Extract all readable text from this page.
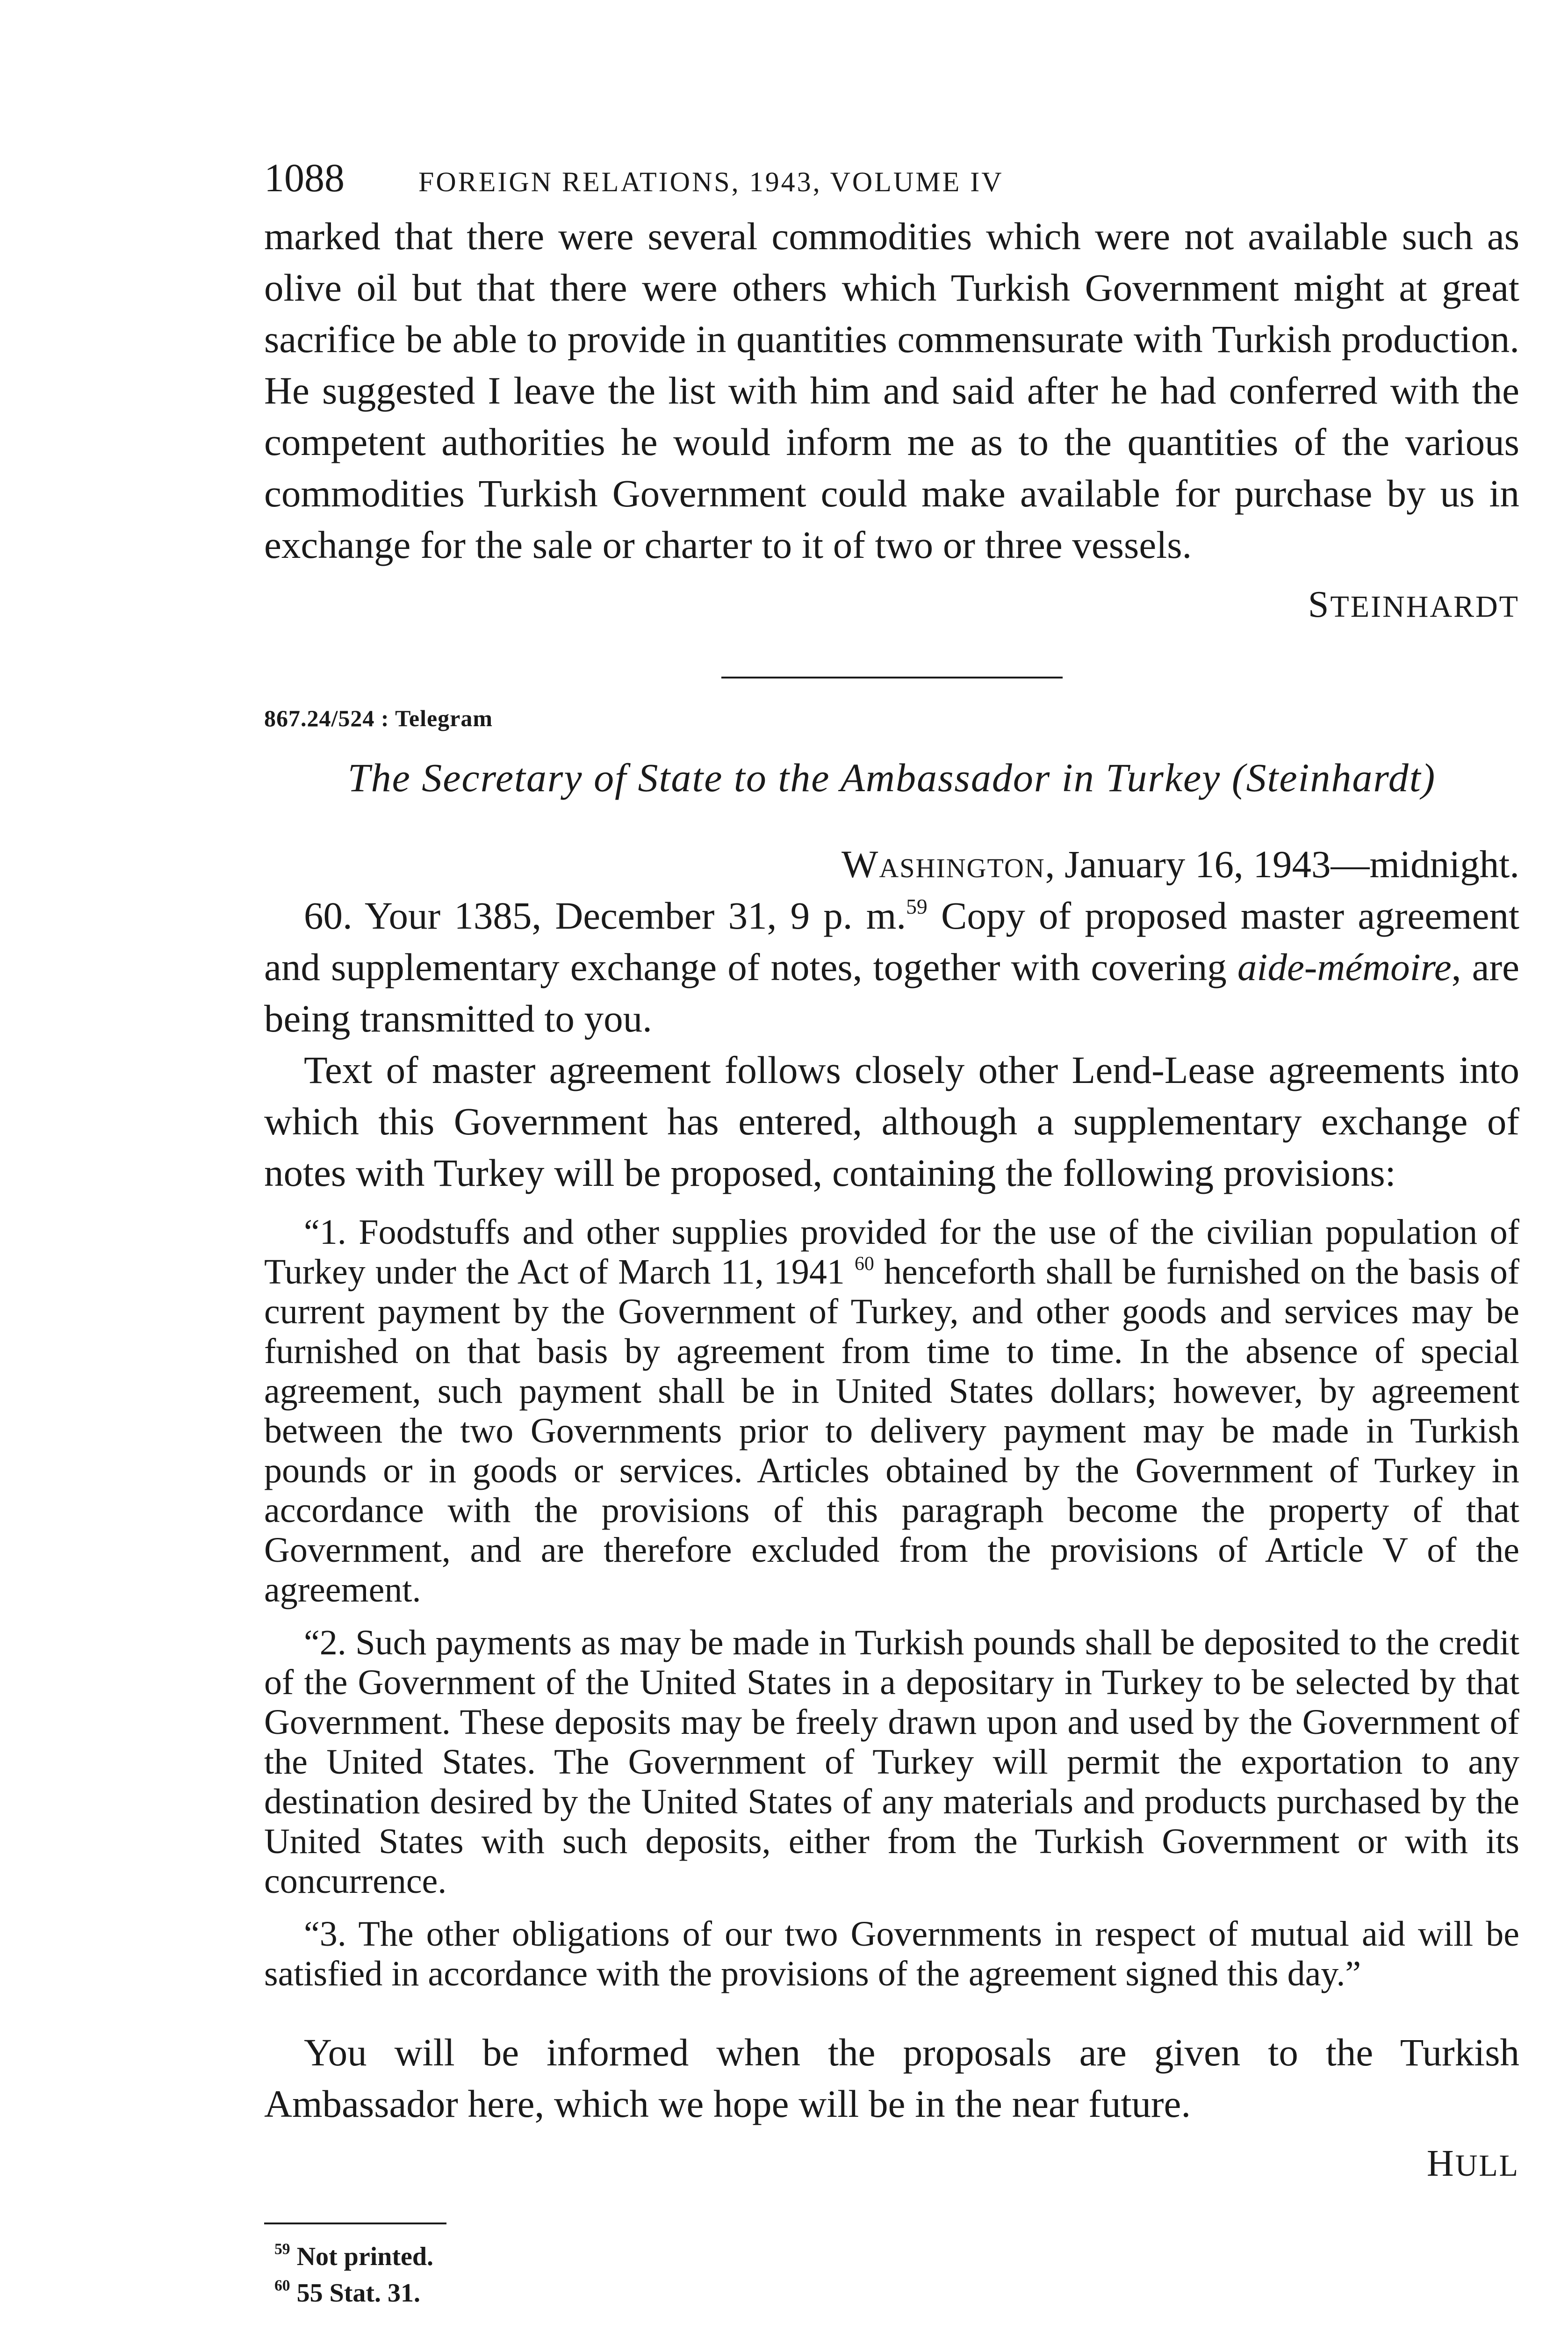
1088	FOREIGN RELATIONS, 1943, VOLUME IV

marked that there were several commodities which were not available such as olive oil but that there were others which Turkish Government might at great sacrifice be able to provide in quantities commensurate with Turkish production. He suggested I leave the list with him and said after he had conferred with the competent authorities he would inform me as to the quantities of the various commodities Turkish Government could make available for purchase by us in exchange for the sale or charter to it of two or three vessels.

STEINHARDT
867.24/524 : Telegram
The Secretary of State to the Ambassador in Turkey (Steinhardt)
Washington, January 16, 1943—midnight.

60. Your 1385, December 31, 9 p. m.$^{59}$ Copy of proposed master agreement and supplementary exchange of notes, together with covering aide-mémoire, are being transmitted to you.

Text of master agreement follows closely other Lend-Lease agreements into which this Government has entered, although a supplementary exchange of notes with Turkey will be proposed, containing the following provisions:

“1. Foodstuffs and other supplies provided for the use of the civilian population of Turkey under the Act of March 11, 1941 $^{60}$ henceforth shall be furnished on the basis of current payment by the Government of Turkey, and other goods and services may be furnished on that basis by agreement from time to time. In the absence of special agreement, such payment shall be in United States dollars; however, by agreement between the two Governments prior to delivery payment may be made in Turkish pounds or in goods or services. Articles obtained by the Government of Turkey in accordance with the provisions of this paragraph become the property of that Government, and are therefore excluded from the provisions of Article V of the agreement.

“2. Such payments as may be made in Turkish pounds shall be deposited to the credit of the Government of the United States in a depositary in Turkey to be selected by that Government. These deposits may be freely drawn upon and used by the Government of the United States. The Government of Turkey will permit the exportation to any destination desired by the United States of any materials and products purchased by the United States with such deposits, either from the Turkish Government or with its concurrence.

“3. The other obligations of our two Governments in respect of mutual aid will be satisfied in accordance with the provisions of the agreement signed this day.”

You will be informed when the proposals are given to the Turkish Ambassador here, which we hope will be in the near future.

HULL
$^{59}$ Not printed.
$^{60}$ 55 Stat. 31.
